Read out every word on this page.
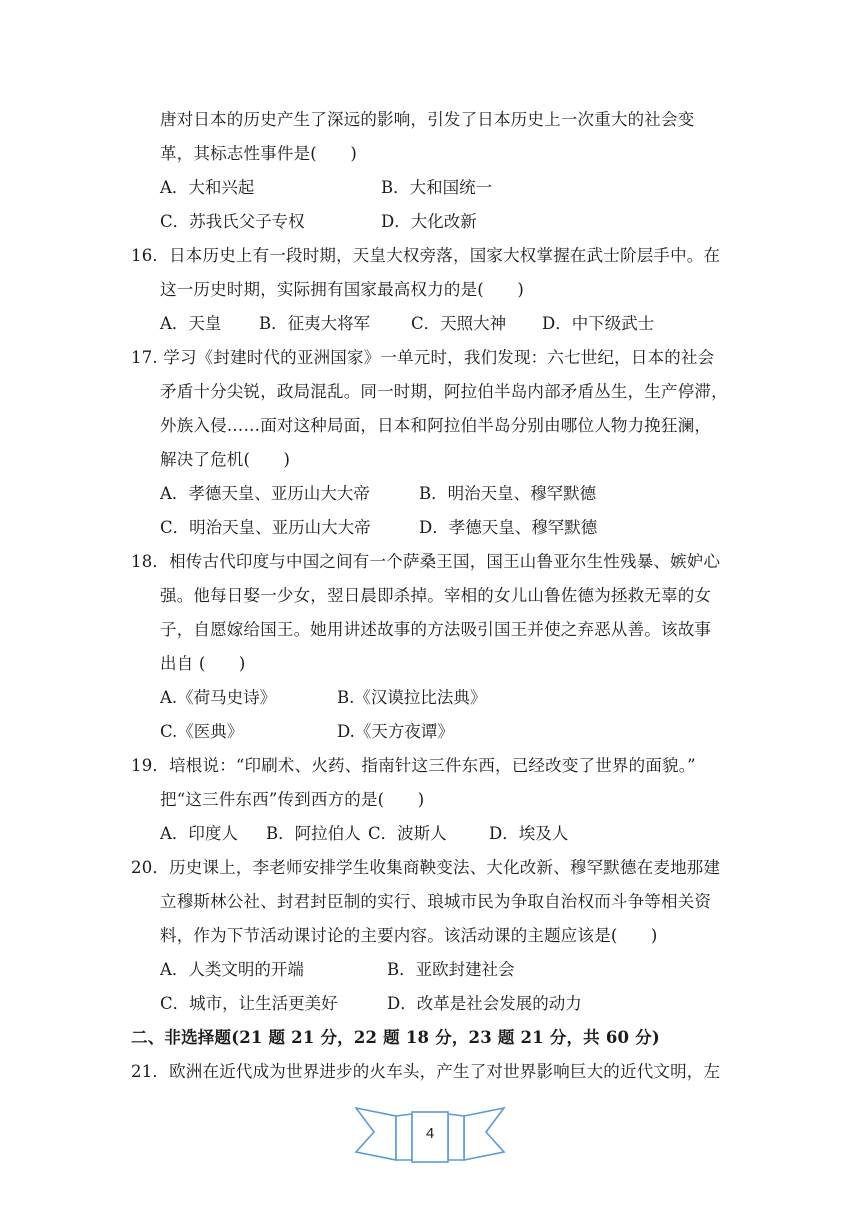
唐对日本的历史产生了深远的影响，引发了日本历史上一次重大的社会变
革，其标志性事件是(　　)
A．大和兴起	B．大和国统一
C．苏我氏父子专权	D．大化改新
16．日本历史上有一段时期，天皇大权旁落，国家大权掌握在武士阶层手中。在
这一历史时期，实际拥有国家最高权力的是(　　)
A．天皇 B．征夷大将军 C．天照大神 D．中下级武士
17. 学习《封建时代的亚洲国家》一单元时，我们发现：六七世纪，日本的社会
矛盾十分尖锐，政局混乱。同一时期，阿拉伯半岛内部矛盾丛生，生产停滞，
外族入侵……面对这种局面，日本和阿拉伯半岛分别由哪位人物力挽狂澜，
解决了危机(　　)
A．孝德天皇、亚历山大大帝	B．明治天皇、穆罕默德
C．明治天皇、亚历山大大帝	D．孝德天皇、穆罕默德
18．相传古代印度与中国之间有一个萨桑王国，国王山鲁亚尔生性残暴、嫉妒心
强。他每日娶一少女，翌日晨即杀掉。宰相的女儿山鲁佐德为拯救无辜的女
子，自愿嫁给国王。她用讲述故事的方法吸引国王并使之弃恶从善。该故事
出自 (　　)
A.《荷马史诗》	B.《汉谟拉比法典》
C.《医典》	D.《天方夜谭》
19．培根说：“印刷术、火药、指南针这三件东西，已经改变了世界的面貌。”
把“这三件东西”传到西方的是(　　)
A．印度人 B．阿拉伯人 C．波斯人	D．埃及人
20．历史课上，李老师安排学生收集商鞅变法、大化改新、穆罕默德在麦地那建
立穆斯林公社、封君封臣制的实行、琅城市民为争取自治权而斗争等相关资
料，作为下节活动课讨论的主要内容。该活动课的主题应该是(　　)
A．人类文明的开端	B．亚欧封建社会
C．城市，让生活更美好	D．改革是社会发展的动力
二、非选择题(21 题 21 分，22 题 18 分，23 题 21 分，共 60 分)
21．欧洲在近代成为世界进步的火车头，产生了对世界影响巨大的近代文明，左
4
